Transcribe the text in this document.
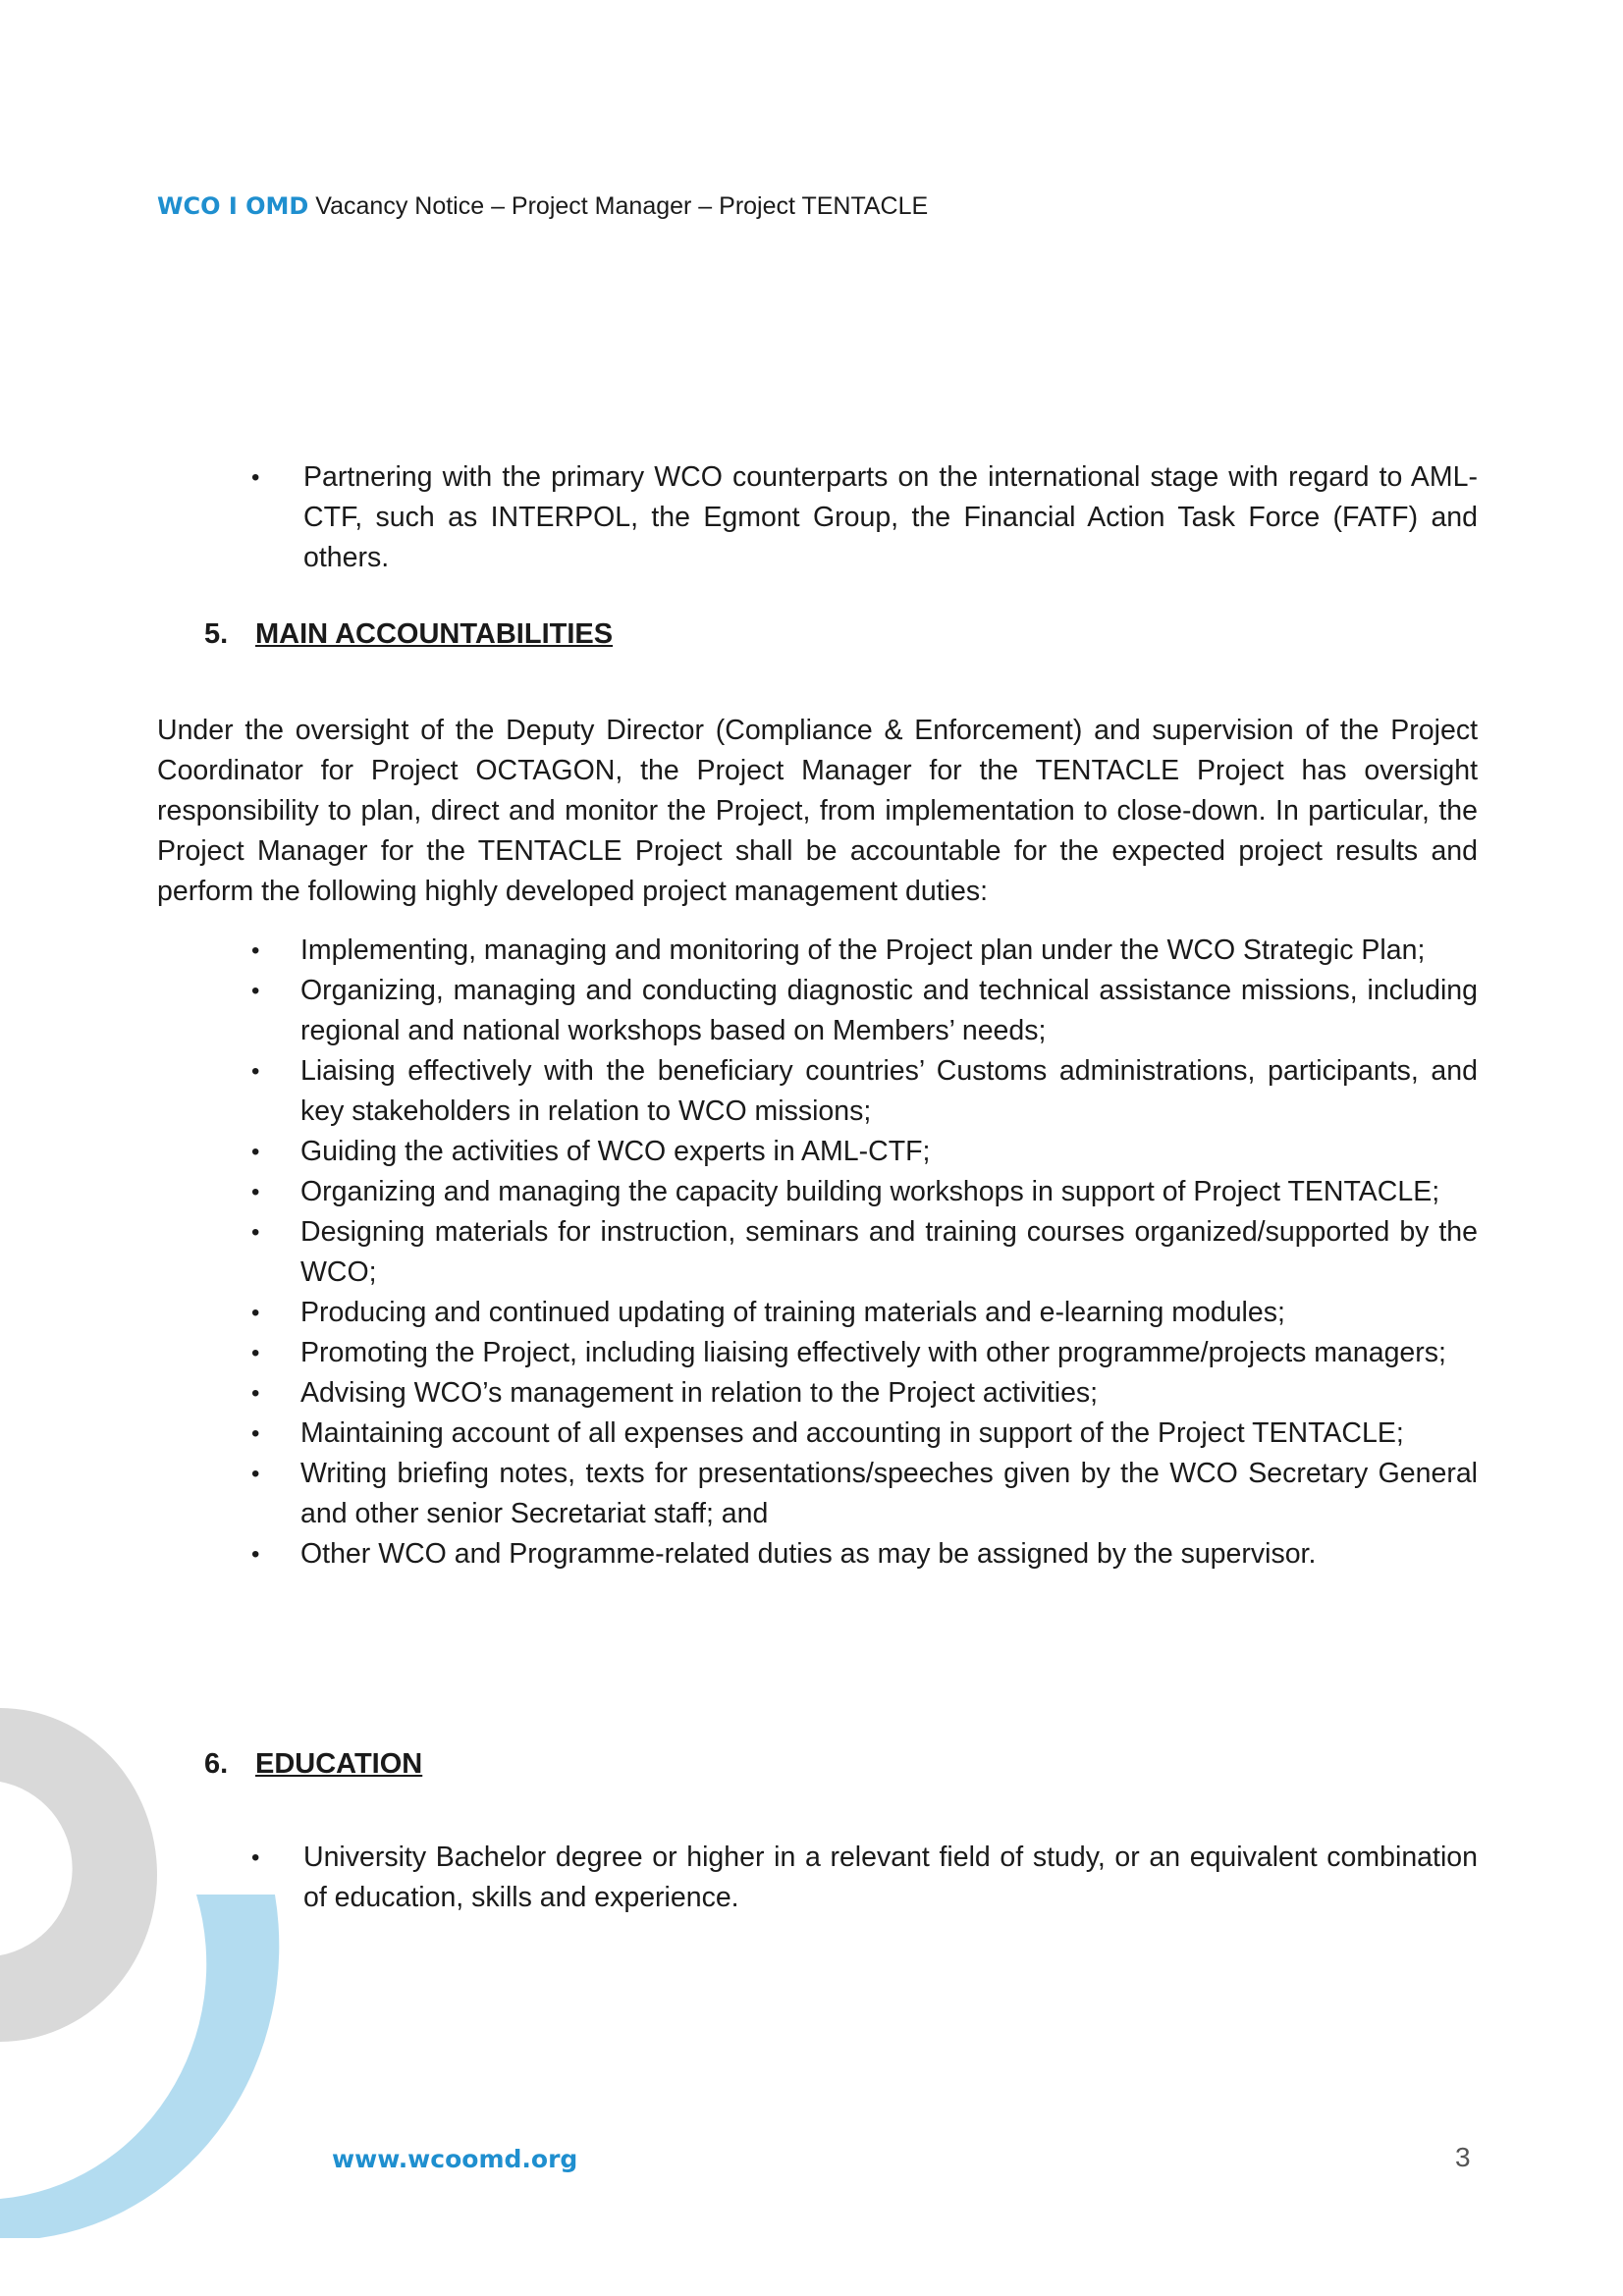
WCO I OMD Vacancy Notice – Project Manager – Project TENTACLE
• Partnering with the primary WCO counterparts on the international stage with regard to AML-CTF, such as INTERPOL, the Egmont Group, the Financial Action Task Force (FATF) and others.
5. MAIN ACCOUNTABILITIES
Under the oversight of the Deputy Director (Compliance & Enforcement) and supervision of the Project Coordinator for Project OCTAGON, the Project Manager for the TENTACLE Project has oversight responsibility to plan, direct and monitor the Project, from implementation to close-down. In particular, the Project Manager for the TENTACLE Project shall be accountable for the expected project results and perform the following highly developed project management duties:
• Implementing, managing and monitoring of the Project plan under the WCO Strategic Plan;
• Organizing, managing and conducting diagnostic and technical assistance missions, including regional and national workshops based on Members’ needs;
• Liaising effectively with the beneficiary countries’ Customs administrations, participants, and key stakeholders in relation to WCO missions;
• Guiding the activities of WCO experts in AML-CTF;
• Organizing and managing the capacity building workshops in support of Project TENTACLE;
• Designing materials for instruction, seminars and training courses organized/supported by the WCO;
• Producing and continued updating of training materials and e-learning modules;
• Promoting the Project, including liaising effectively with other programme/projects managers;
• Advising WCO’s management in relation to the Project activities;
• Maintaining account of all expenses and accounting in support of the Project TENTACLE;
• Writing briefing notes, texts for presentations/speeches given by the WCO Secretary General and other senior Secretariat staff; and
• Other WCO and Programme-related duties as may be assigned by the supervisor.
6. EDUCATION
• University Bachelor degree or higher in a relevant field of study, or an equivalent combination of education, skills and experience.
www.wcoomd.org	3
